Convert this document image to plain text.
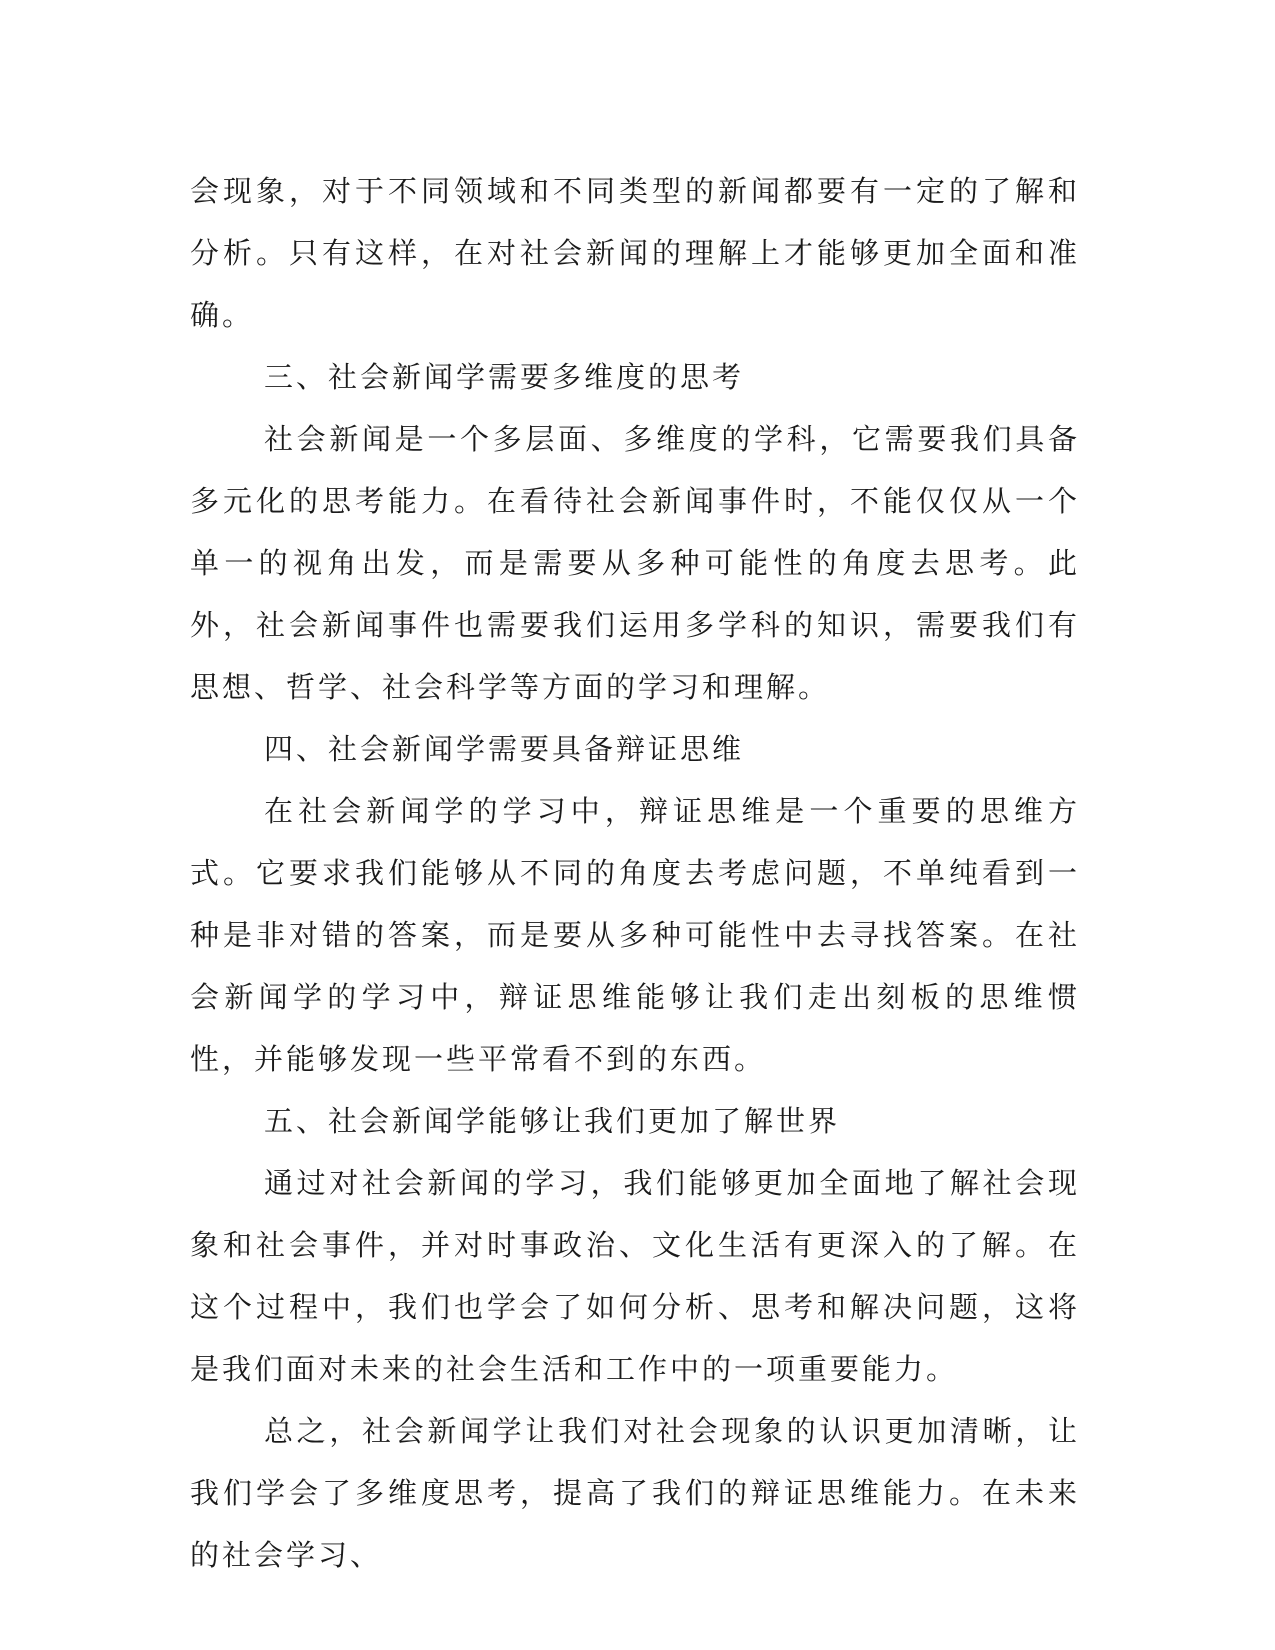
会现象，对于不同领域和不同类型的新闻都要有一定的了解和分析。只有这样，在对社会新闻的理解上才能够更加全面和准确。

三、社会新闻学需要多维度的思考

社会新闻是一个多层面、多维度的学科，它需要我们具备多元化的思考能力。在看待社会新闻事件时，不能仅仅从一个单一的视角出发，而是需要从多种可能性的角度去思考。此外，社会新闻事件也需要我们运用多学科的知识，需要我们有思想、哲学、社会科学等方面的学习和理解。

四、社会新闻学需要具备辩证思维

在社会新闻学的学习中，辩证思维是一个重要的思维方式。它要求我们能够从不同的角度去考虑问题，不单纯看到一种是非对错的答案，而是要从多种可能性中去寻找答案。在社会新闻学的学习中，辩证思维能够让我们走出刻板的思维惯性，并能够发现一些平常看不到的东西。

五、社会新闻学能够让我们更加了解世界

通过对社会新闻的学习，我们能够更加全面地了解社会现象和社会事件，并对时事政治、文化生活有更深入的了解。在这个过程中，我们也学会了如何分析、思考和解决问题，这将是我们面对未来的社会生活和工作中的一项重要能力。

总之，社会新闻学让我们对社会现象的认识更加清晰，让我们学会了多维度思考，提高了我们的辩证思维能力。在未来的社会学习、
